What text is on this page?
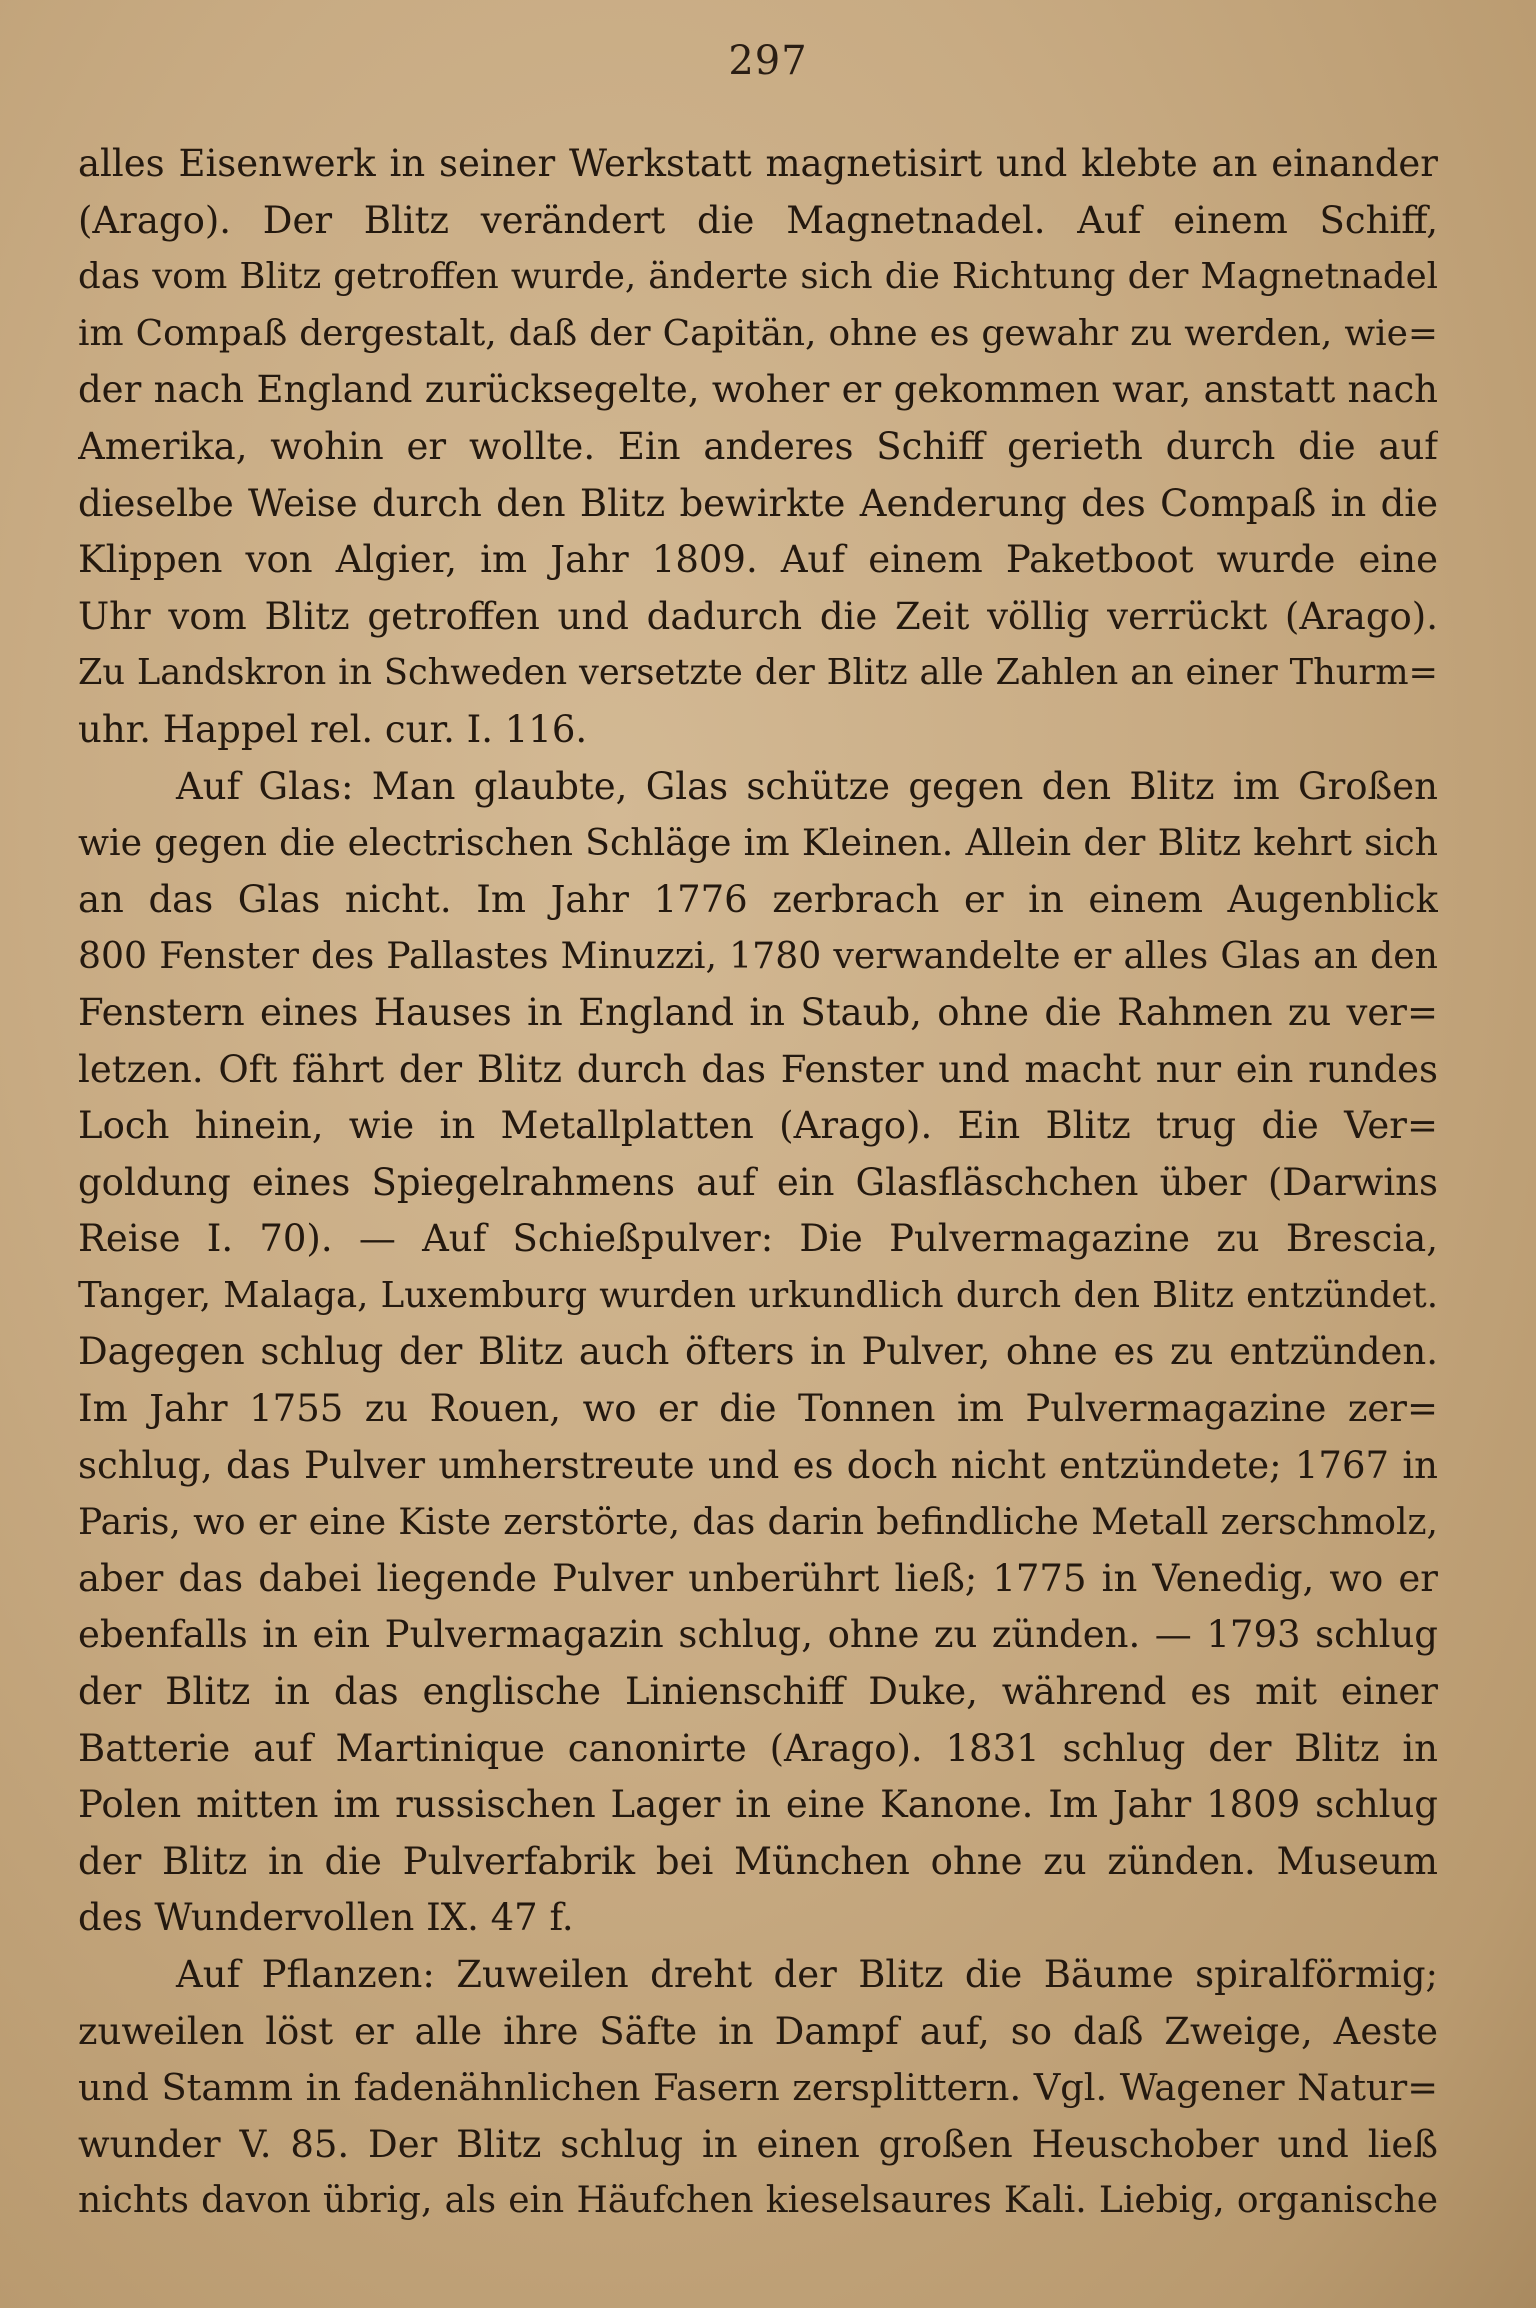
297
alles Eisenwerk in seiner Werkstatt magnetisirt und klebte an einander
(Arago). Der Blitz verändert die Magnetnadel. Auf einem Schiff,
das vom Blitz getroffen wurde, änderte sich die Richtung der Magnetnadel
im Compaß dergestalt, daß der Capitän, ohne es gewahr zu werden, wie=
der nach England zurücksegelte, woher er gekommen war, anstatt nach
Amerika, wohin er wollte. Ein anderes Schiff gerieth durch die auf
dieselbe Weise durch den Blitz bewirkte Aenderung des Compaß in die
Klippen von Algier, im Jahr 1809. Auf einem Paketboot wurde eine
Uhr vom Blitz getroffen und dadurch die Zeit völlig verrückt (Arago).
Zu Landskron in Schweden versetzte der Blitz alle Zahlen an einer Thurm=
uhr. Happel rel. cur. I. 116.
Auf Glas: Man glaubte, Glas schütze gegen den Blitz im Großen
wie gegen die electrischen Schläge im Kleinen. Allein der Blitz kehrt sich
an das Glas nicht. Im Jahr 1776 zerbrach er in einem Augenblick
800 Fenster des Pallastes Minuzzi, 1780 verwandelte er alles Glas an den
Fenstern eines Hauses in England in Staub, ohne die Rahmen zu ver=
letzen. Oft fährt der Blitz durch das Fenster und macht nur ein rundes
Loch hinein, wie in Metallplatten (Arago). Ein Blitz trug die Ver=
goldung eines Spiegelrahmens auf ein Glasfläschchen über (Darwins
Reise I. 70). — Auf Schießpulver: Die Pulvermagazine zu Brescia,
Tanger, Malaga, Luxemburg wurden urkundlich durch den Blitz entzündet.
Dagegen schlug der Blitz auch öfters in Pulver, ohne es zu entzünden.
Im Jahr 1755 zu Rouen, wo er die Tonnen im Pulvermagazine zer=
schlug, das Pulver umherstreute und es doch nicht entzündete; 1767 in
Paris, wo er eine Kiste zerstörte, das darin befindliche Metall zerschmolz,
aber das dabei liegende Pulver unberührt ließ; 1775 in Venedig, wo er
ebenfalls in ein Pulvermagazin schlug, ohne zu zünden. — 1793 schlug
der Blitz in das englische Linienschiff Duke, während es mit einer
Batterie auf Martinique canonirte (Arago). 1831 schlug der Blitz in
Polen mitten im russischen Lager in eine Kanone. Im Jahr 1809 schlug
der Blitz in die Pulverfabrik bei München ohne zu zünden. Museum
des Wundervollen IX. 47 f.
Auf Pflanzen: Zuweilen dreht der Blitz die Bäume spiralförmig;
zuweilen löst er alle ihre Säfte in Dampf auf, so daß Zweige, Aeste
und Stamm in fadenähnlichen Fasern zersplittern. Vgl. Wagener Natur=
wunder V. 85. Der Blitz schlug in einen großen Heuschober und ließ
nichts davon übrig, als ein Häufchen kieselsaures Kali. Liebig, organische
